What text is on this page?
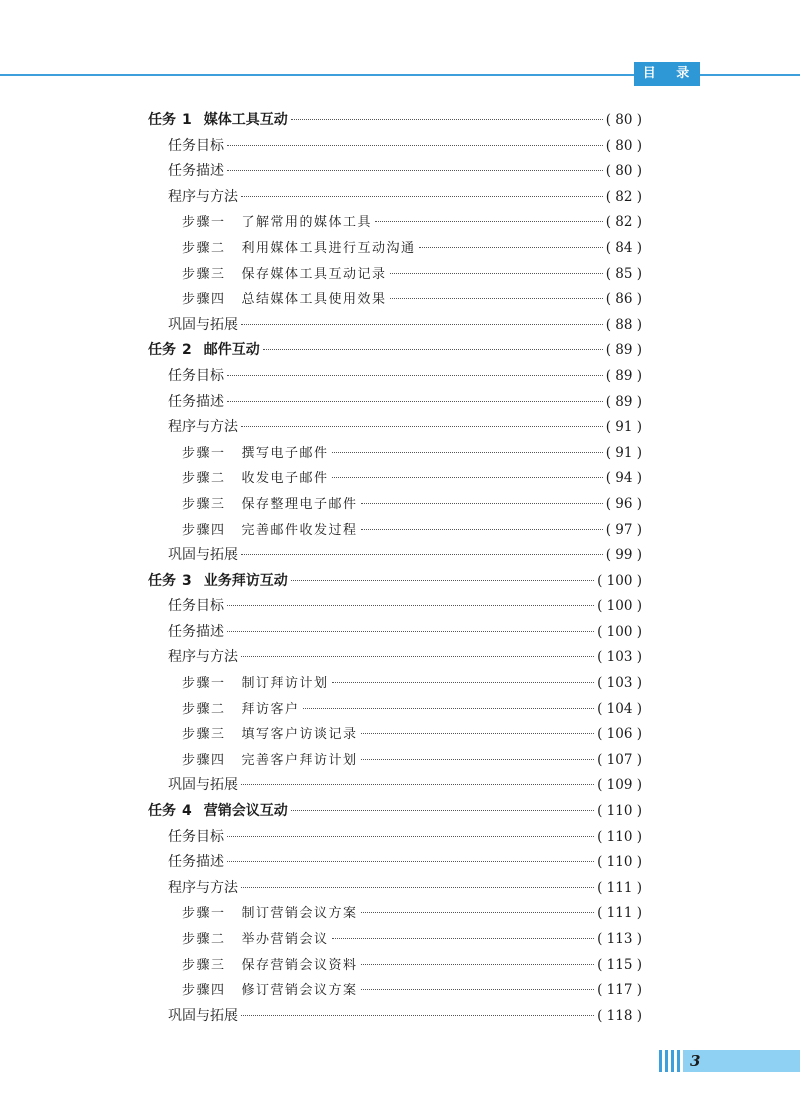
目 录
任务 1 媒体工具互动	( 80 )
任务目标	( 80 )
任务描述	( 80 )
程序与方法	( 82 )
步骤一 了解常用的媒体工具	( 82 )
步骤二 利用媒体工具进行互动沟通	( 84 )
步骤三 保存媒体工具互动记录	( 85 )
步骤四 总结媒体工具使用效果	( 86 )
巩固与拓展	( 88 )
任务 2 邮件互动	( 89 )
任务目标	( 89 )
任务描述	( 89 )
程序与方法	( 91 )
步骤一 撰写电子邮件	( 91 )
步骤二 收发电子邮件	( 94 )
步骤三 保存整理电子邮件	( 96 )
步骤四 完善邮件收发过程	( 97 )
巩固与拓展	( 99 )
任务 3 业务拜访互动	( 100 )
任务目标	( 100 )
任务描述	( 100 )
程序与方法	( 103 )
步骤一 制订拜访计划	( 103 )
步骤二 拜访客户	( 104 )
步骤三 填写客户访谈记录	( 106 )
步骤四 完善客户拜访计划	( 107 )
巩固与拓展	( 109 )
任务 4 营销会议互动	( 110 )
任务目标	( 110 )
任务描述	( 110 )
程序与方法	( 111 )
步骤一 制订营销会议方案	( 111 )
步骤二 举办营销会议	( 113 )
步骤三 保存营销会议资料	( 115 )
步骤四 修订营销会议方案	( 117 )
巩固与拓展	( 118 )
3
